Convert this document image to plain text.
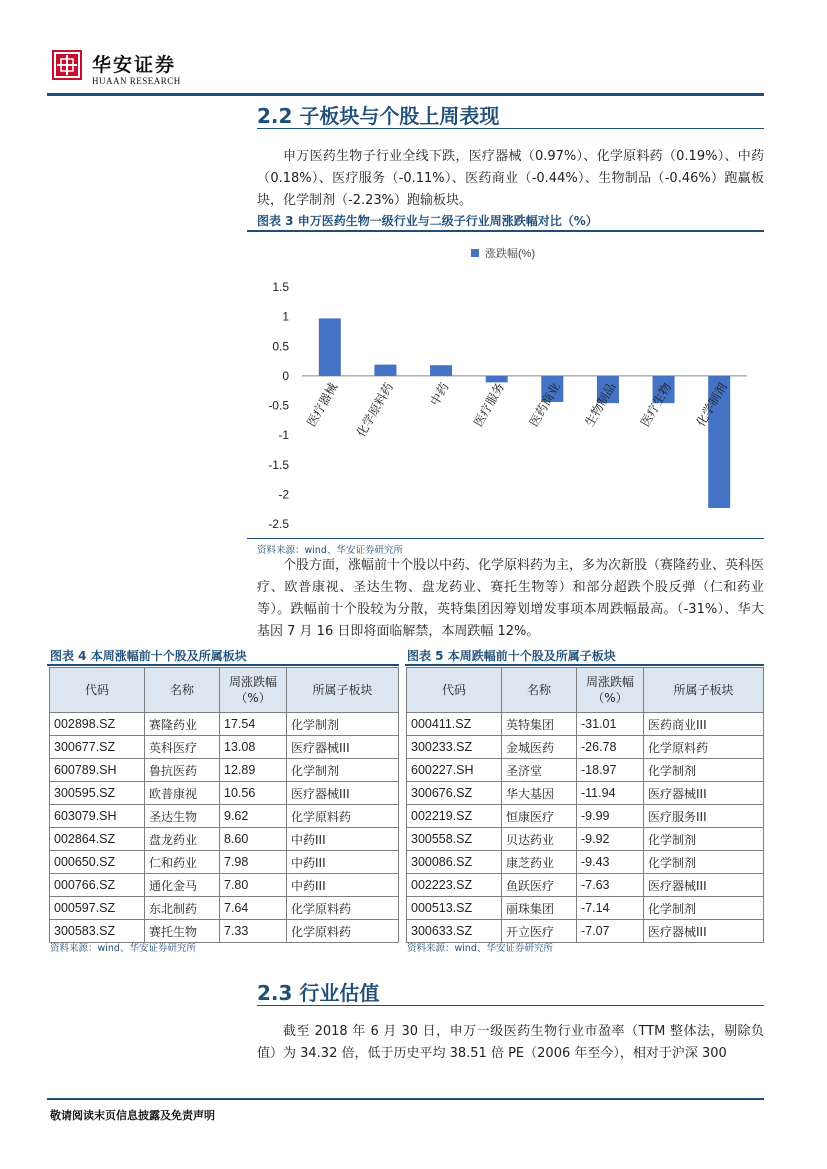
华安证券
HUAAN RESEARCH
2.2 子板块与个股上周表现
申万医药生物子行业全线下跌，医疗器械（0.97%）、化学原料药（0.19%）、中药（0.18%）、医疗服务（-0.11%）、医药商业（-0.44%）、生物制品（-0.46%）跑赢板块，化学制剂（-2.23%）跑输板块。
图表 3 申万医药生物一级行业与二级子行业周涨跌幅对比（%）
涨跌幅(%)
1.5
1
0.5
0
-0.5
-1
-1.5
-2
-2.5
医疗器械 化学原料药	中药 医疗服务 医药商业 生物制品 医疗生物 化学制剂
资料来源：wind、华安证券研究所
个股方面，涨幅前十个股以中药、化学原料药为主，多为次新股（赛隆药业、英科医疗、欧普康视、圣达生物、盘龙药业、赛托生物等）和部分超跌个股反弹（仁和药业等）。跌幅前十个股较为分散，英特集团因筹划增发事项本周跌幅最高。（-31%）、华大基因 7 月 16 日即将面临解禁，本周跌幅 12%。
图表 4 本周涨幅前十个股及所属板块
代码	名称	周涨跌幅（%）	所属子板块
002898.SZ	赛隆药业	17.54	化学制剂
300677.SZ	英科医疗	13.08	医疗器械III
600789.SH	鲁抗医药	12.89	化学制剂
300595.SZ	欧普康视	10.56	医疗器械III
603079.SH	圣达生物	9.62	化学原料药
002864.SZ	盘龙药业	8.60	中药III
000650.SZ	仁和药业	7.98	中药III
000766.SZ	通化金马	7.80	中药III
000597.SZ	东北制药	7.64	化学原料药
300583.SZ	赛托生物	7.33	化学原料药
资料来源：wind、华安证券研究所
图表 5 本周跌幅前十个股及所属子板块
代码	名称	周涨跌幅（%）	所属子板块
000411.SZ	英特集团	-31.01	医药商业III
300233.SZ	金城医药	-26.78	化学原料药
600227.SH	圣济堂	-18.97	化学制剂
300676.SZ	华大基因	-11.94	医疗器械III
002219.SZ	恒康医疗	-9.99	医疗服务III
300558.SZ	贝达药业	-9.92	化学制剂
300086.SZ	康芝药业	-9.43	化学制剂
002223.SZ	鱼跃医疗	-7.63	医疗器械III
000513.SZ	丽珠集团	-7.14	化学制剂
300633.SZ	开立医疗	-7.07	医疗器械III
资料来源：wind、华安证券研究所
2.3 行业估值
截至 2018 年 6 月 30 日，申万一级医药生物行业市盈率（TTM 整体法，剔除负值）为 34.32 倍，低于历史平均 38.51 倍 PE（2006 年至今），相对于沪深 300
敬请阅读末页信息披露及免责声明
